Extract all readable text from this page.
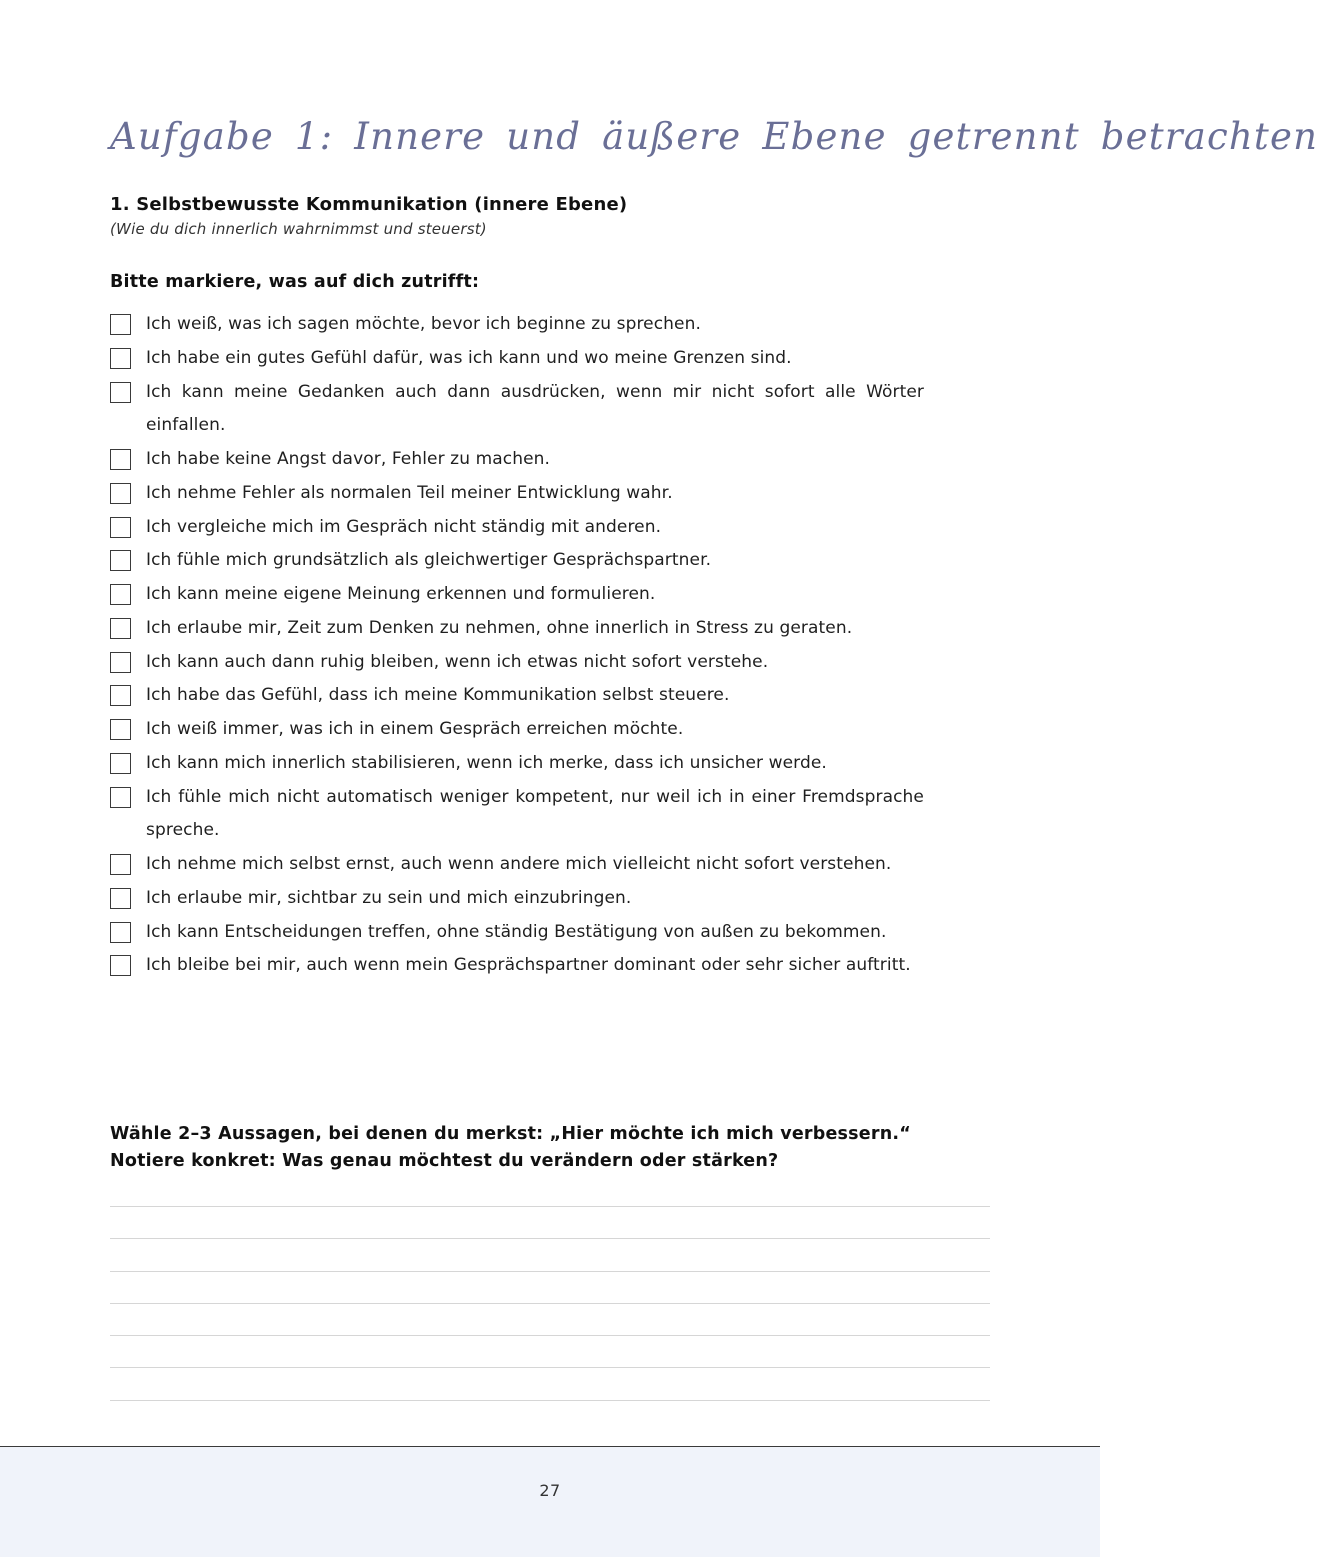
Aufgabe 1: Innere und äußere Ebene getrennt betrachten
1. Selbstbewusste Kommunikation (innere Ebene)

(Wie du dich innerlich wahrnimmst und steuerst)

Bitte markiere, was auf dich zutrifft:

Ich weiß, was ich sagen möchte, bevor ich beginne zu sprechen.
Ich habe ein gutes Gefühl dafür, was ich kann und wo meine Grenzen sind.
Ich kann meine Gedanken auch dann ausdrücken, wenn mir nicht sofort alle Wörter einfallen.
Ich habe keine Angst davor, Fehler zu machen.
Ich nehme Fehler als normalen Teil meiner Entwicklung wahr.
Ich vergleiche mich im Gespräch nicht ständig mit anderen.
Ich fühle mich grundsätzlich als gleichwertiger Gesprächspartner.
Ich kann meine eigene Meinung erkennen und formulieren.
Ich erlaube mir, Zeit zum Denken zu nehmen, ohne innerlich in Stress zu geraten.
Ich kann auch dann ruhig bleiben, wenn ich etwas nicht sofort verstehe.
Ich habe das Gefühl, dass ich meine Kommunikation selbst steuere.
Ich weiß immer, was ich in einem Gespräch erreichen möchte.
Ich kann mich innerlich stabilisieren, wenn ich merke, dass ich unsicher werde.
Ich fühle mich nicht automatisch weniger kompetent, nur weil ich in einer Fremdsprache spreche.
Ich nehme mich selbst ernst, auch wenn andere mich vielleicht nicht sofort verstehen.
Ich erlaube mir, sichtbar zu sein und mich einzubringen.
Ich kann Entscheidungen treffen, ohne ständig Bestätigung von außen zu bekommen.
Ich bleibe bei mir, auch wenn mein Gesprächspartner dominant oder sehr sicher auftritt.

Wähle 2–3 Aussagen, bei denen du merkst: „Hier möchte ich mich verbessern.“
Notiere konkret: Was genau möchtest du verändern oder stärken?

27
